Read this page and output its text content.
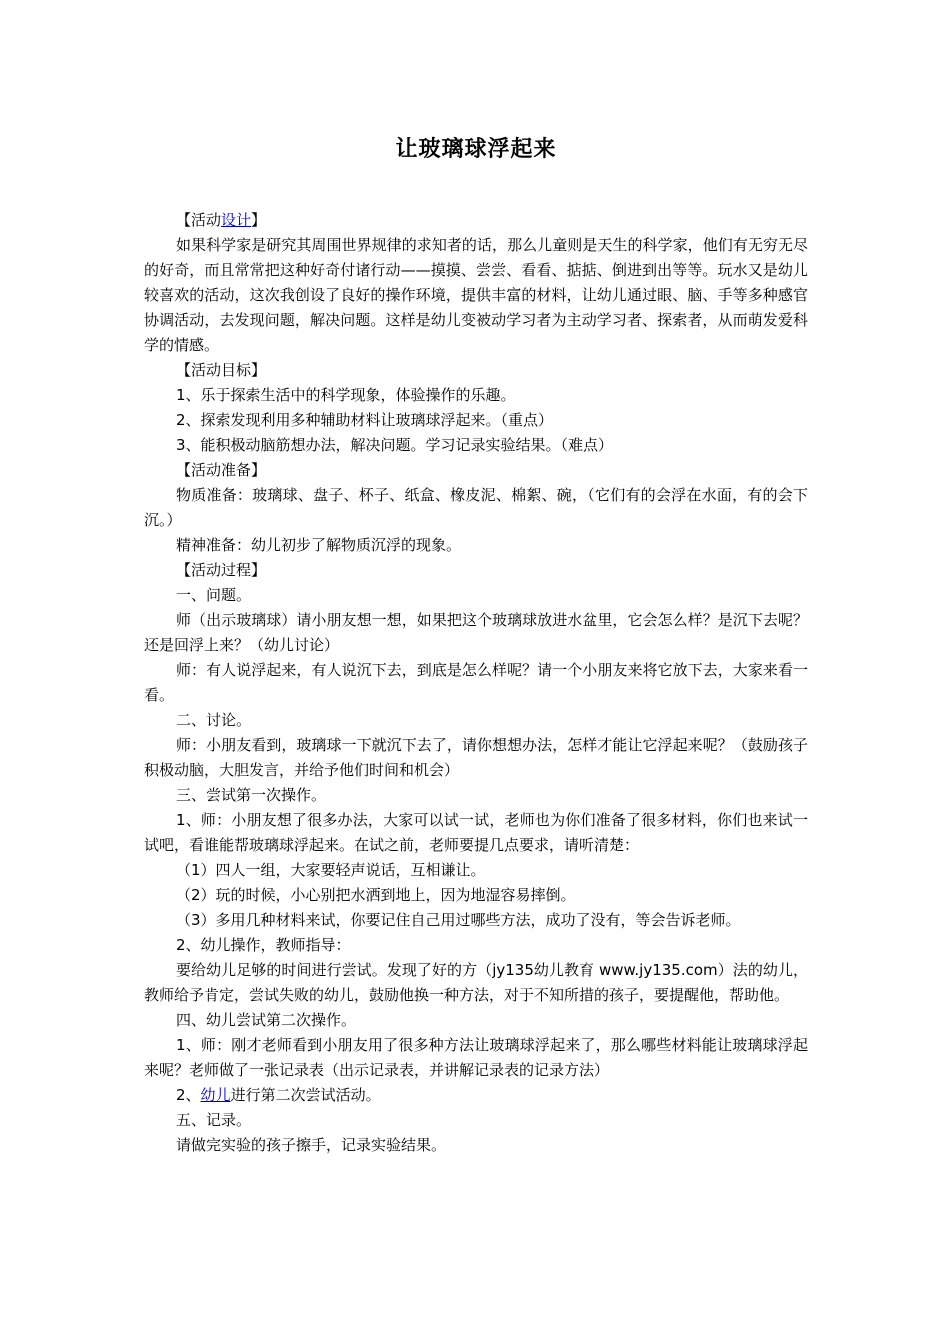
让玻璃球浮起来

【活动设计】

如果科学家是研究其周围世界规律的求知者的话，那么儿童则是天生的科学家，他们有无穷无尽的好奇，而且常常把这种好奇付诸行动——摸摸、尝尝、看看、掂掂、倒进到出等等。玩水又是幼儿较喜欢的活动，这次我创设了良好的操作环境，提供丰富的材料，让幼儿通过眼、脑、手等多种感官协调活动，去发现问题，解决问题。这样是幼儿变被动学习者为主动学习者、探索者，从而萌发爱科学的情感。

【活动目标】

1、乐于探索生活中的科学现象，体验操作的乐趣。

2、探索发现利用多种辅助材料让玻璃球浮起来。（重点）

3、能积极动脑筋想办法，解决问题。学习记录实验结果。（难点）

【活动准备】

物质准备：玻璃球、盘子、杯子、纸盒、橡皮泥、棉絮、碗，（它们有的会浮在水面，有的会下沉。）

精神准备：幼儿初步了解物质沉浮的现象。

【活动过程】

一、问题。

师（出示玻璃球）请小朋友想一想，如果把这个玻璃球放进水盆里，它会怎么样？是沉下去呢？还是回浮上来？（幼儿讨论）

师：有人说浮起来，有人说沉下去，到底是怎么样呢？请一个小朋友来将它放下去，大家来看一看。

二、讨论。

师：小朋友看到，玻璃球一下就沉下去了，请你想想办法，怎样才能让它浮起来呢？（鼓励孩子积极动脑，大胆发言，并给予他们时间和机会）

三、尝试第一次操作。

1、师：小朋友想了很多办法，大家可以试一试，老师也为你们准备了很多材料，你们也来试一试吧，看谁能帮玻璃球浮起来。在试之前，老师要提几点要求，请听清楚：

（1）四人一组，大家要轻声说话，互相谦让。

（2）玩的时候，小心别把水洒到地上，因为地湿容易摔倒。

（3）多用几种材料来试，你要记住自己用过哪些方法，成功了没有，等会告诉老师。

2、幼儿操作，教师指导：

要给幼儿足够的时间进行尝试。发现了好的方（jy135幼儿教育 www.jy135.com）法的幼儿，教师给予肯定，尝试失败的幼儿，鼓励他换一种方法，对于不知所措的孩子，要提醒他，帮助他。

四、幼儿尝试第二次操作。

1、师：刚才老师看到小朋友用了很多种方法让玻璃球浮起来了，那么哪些材料能让玻璃球浮起来呢？老师做了一张记录表（出示记录表，并讲解记录表的记录方法）

2、幼儿进行第二次尝试活动。

五、记录。

请做完实验的孩子擦手，记录实验结果。
